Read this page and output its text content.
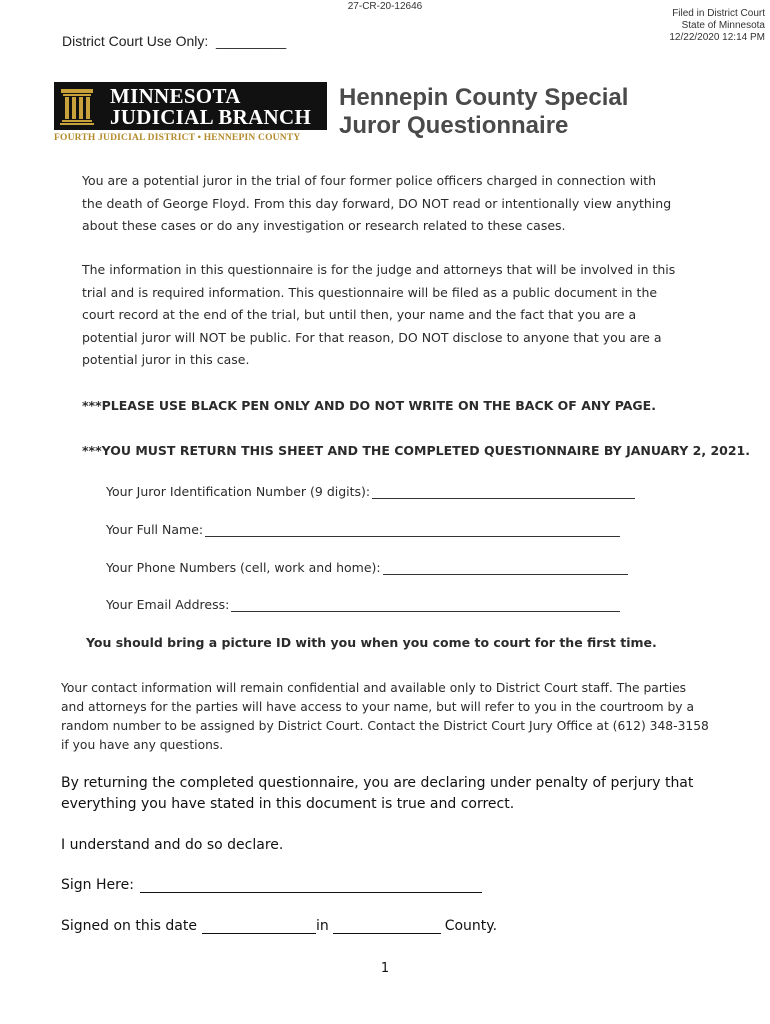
27-CR-20-12646
Filed in District Court
State of Minnesota
12/22/2020 12:14 PM
District Court Use Only: _________
MINNESOTA
JUDICIAL BRANCH
FOURTH JUDICIAL DISTRICT • HENNEPIN COUNTY
Hennepin County Special
Juror Questionnaire
You are a potential juror in the trial of four former police officers charged in connection with
the death of George Floyd. From this day forward, DO NOT read or intentionally view anything
about these cases or do any investigation or research related to these cases.
The information in this questionnaire is for the judge and attorneys that will be involved in this
trial and is required information. This questionnaire will be filed as a public document in the
court record at the end of the trial, but until then, your name and the fact that you are a
potential juror will NOT be public. For that reason, DO NOT disclose to anyone that you are a
potential juror in this case.
***PLEASE USE BLACK PEN ONLY AND DO NOT WRITE ON THE BACK OF ANY PAGE.
***YOU MUST RETURN THIS SHEET AND THE COMPLETED QUESTIONNAIRE BY JANUARY 2, 2021.
Your Juror Identification Number (9 digits):
Your Full Name:
Your Phone Numbers (cell, work and home):
Your Email Address:
You should bring a picture ID with you when you come to court for the first time.
Your contact information will remain confidential and available only to District Court staff. The parties
and attorneys for the parties will have access to your name, but will refer to you in the courtroom by a
random number to be assigned by District Court. Contact the District Court Jury Office at (612) 348-3158
if you have any questions.
By returning the completed questionnaire, you are declaring under penalty of perjury that
everything you have stated in this document is true and correct.
I understand and do so declare.
Sign Here:
Signed on this date	in	County.
1
